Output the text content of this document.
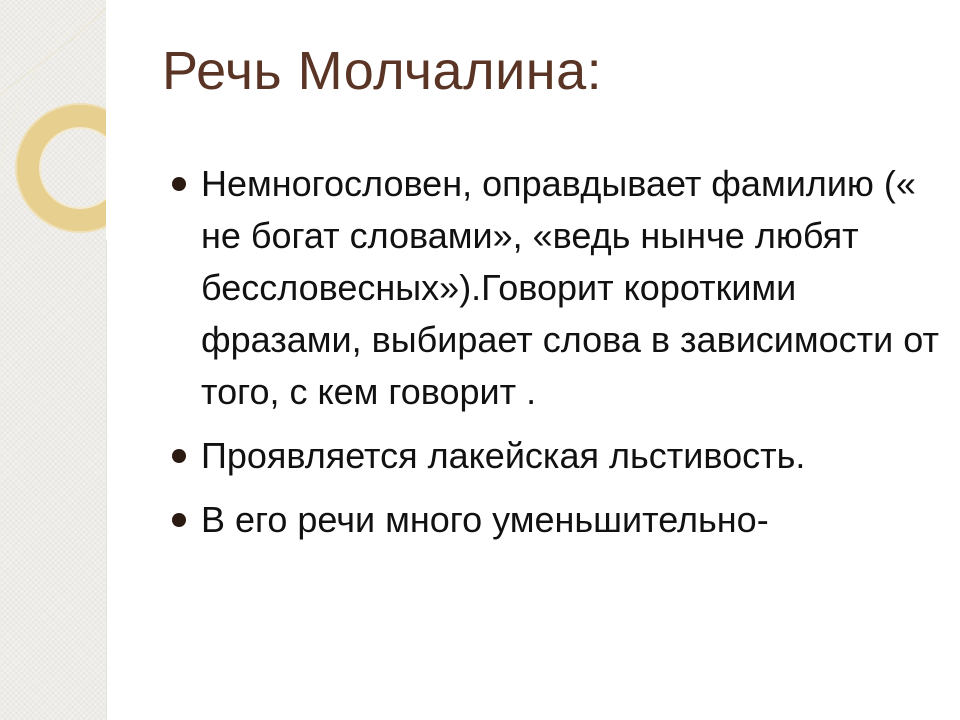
Речь Молчалина:
Немногословен, оправдывает фамилию (« не богат словами», «ведь нынче любят бессловесных»).Говорит короткими фразами, выбирает слова в зависимости от того, с кем говорит .
Проявляется лакейская льстивость.
В его речи много уменьшительно-
